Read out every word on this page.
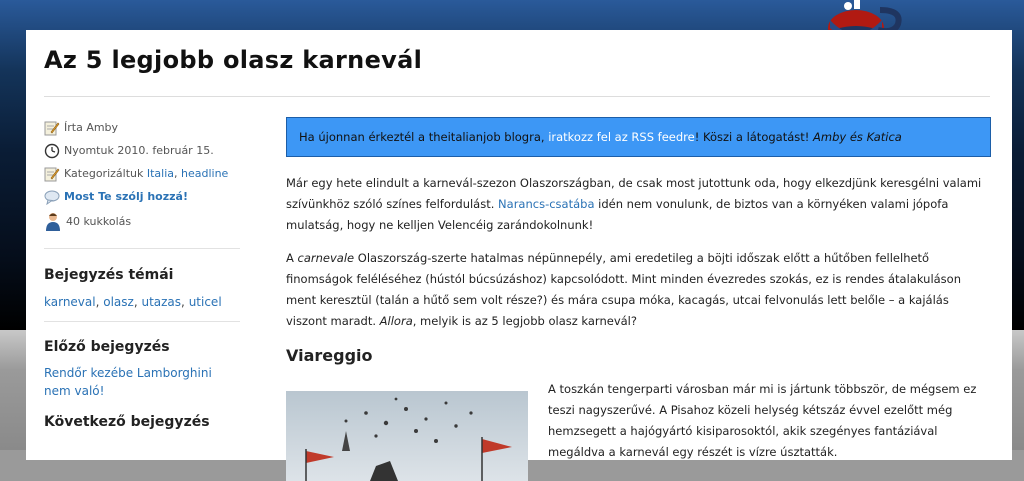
Az 5 legjobb olasz karnevál
Írta Amby
Nyomtuk 2010. február 15.
Kategorizáltuk Italia , headline
Most Te szólj hozzá!
40 kukkolás
Bejegyzés témái

karneval, olasz, utazas, uticel

Előző bejegyzés

Rendőr kezébe Lamborghini nem való!

Következő bejegyzés
Ha újonnan érkeztél a theitalianjob blogra, iratkozz fel az RSS feedre! Köszi a látogatást! Amby és Katica

Már egy hete elindult a karnevál-szezon Olaszországban, de csak most jutottunk oda, hogy elkezdjünk keresgélni valami szívünkhöz szóló színes felfordulást. Narancs-csatába idén nem vonulunk, de biztos van a környéken valami jópofa mulatság, hogy ne kelljen Velencéig zarándokolnunk!

A carnevale Olaszország-szerte hatalmas népünnepély, ami eredetileg a böjti időszak előtt a hűtőben fellelhető finomságok feléléséhez (hústól búcsúzáshoz) kapcsolódott. Mint minden évezredes szokás, ez is rendes átalakuláson ment keresztül (talán a hűtő sem volt része?) és mára csupa móka, kacagás, utcai felvonulás lett belőle – a kajálás viszont maradt. Allora, melyik is az 5 legjobb olasz karnevál?

Viareggio

A toszkán tengerparti városban már mi is jártunk többször, de mégsem ez teszi nagyszerűvé. A Pisahoz közeli helység kétszáz évvel ezelőtt még hemzsegett a hajógyártó kisiparosoktól, akik szegényes fantáziával megáldva a karnevál egy részét is vízre úsztatták.
